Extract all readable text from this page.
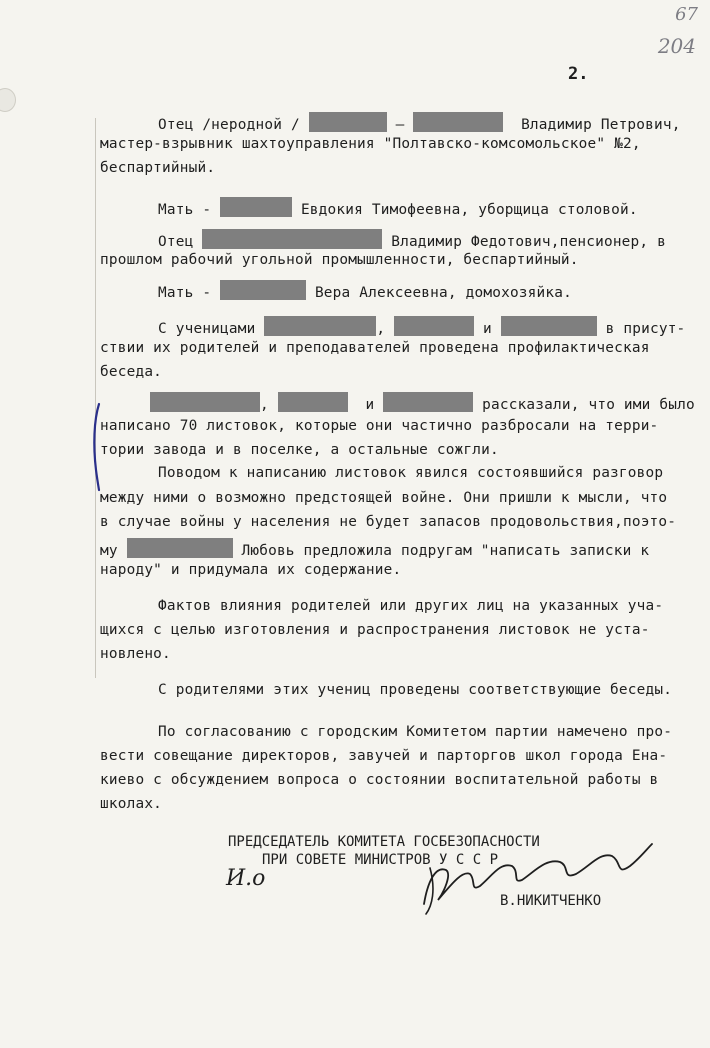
67
204
2.
Отец /неродной /	–	Владимир Петрович,
мастер-взрывник шахтоуправления "Полтавско-комсомольское" №2,
беспартийный.
Мать -	Евдокия Тимофеевна, уборщица столовой.
Отец	Владимир Федотович,пенсионер, в
прошлом рабочий угольной промышленности, беспартийный.
Мать -	Вера Алексеевна, домохозяйка.
С ученицами	,	и	в присут-
ствии их родителей и преподавателей проведена профилактическая
беседа.
,	и	рассказали, что ими было
написано 70 листовок, которые они частично разбросали на терри-
тории завода и в поселке, а остальные сожгли.
Поводом к написанию листовок явился состоявшийся разговор
между ними о возможно предстоящей войне. Они пришли к мысли, что
в случае войны у населения не будет запасов продовольствия,поэто-
му	Любовь предложила подругам "написать записки к
народу" и придумала их содержание.
Фактов влияния родителей или других лиц на указанных уча-
щихся с целью изготовления и распространения листовок не уста-
новлено.
С родителями этих учениц проведены соответствующие беседы.
По согласованию с городским Комитетом партии намечено про-
вести совещание директоров, завучей и парторгов школ города Ена-
киево с обсуждением вопроса о состоянии воспитательной работы в
школах.
ПРЕДСЕДАТЕЛЬ КОМИТЕТА ГОСБЕЗОПАСНОСТИ
ПРИ СОВЕТЕ МИНИСТРОВ У С С Р
В.НИКИТЧЕНКО
И.о
